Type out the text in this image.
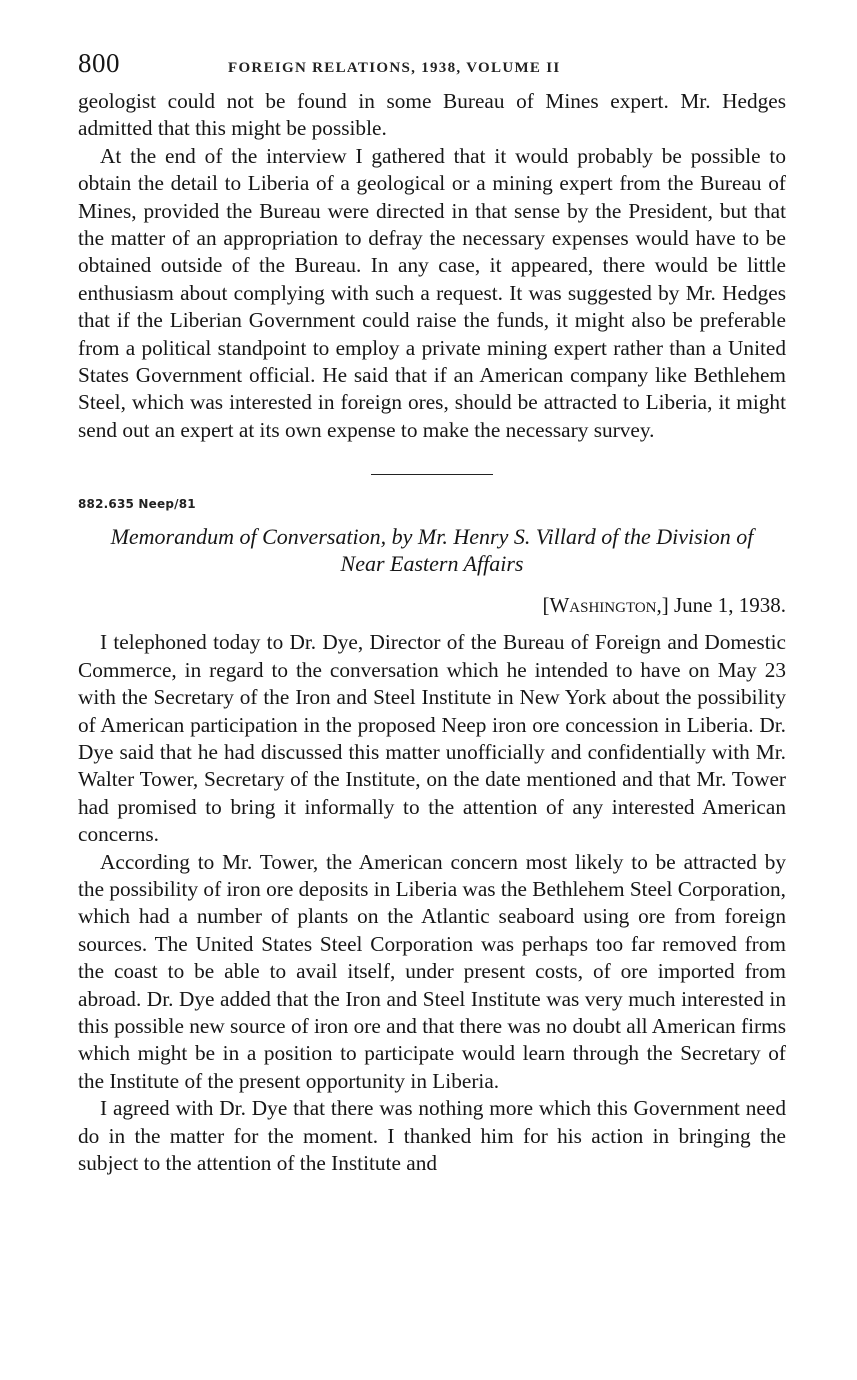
800	FOREIGN RELATIONS, 1938, VOLUME II

geologist could not be found in some Bureau of Mines expert. Mr. Hedges admitted that this might be possible.

At the end of the interview I gathered that it would probably be possible to obtain the detail to Liberia of a geological or a mining expert from the Bureau of Mines, provided the Bureau were directed in that sense by the President, but that the matter of an appropriation to defray the necessary expenses would have to be obtained outside of the Bureau. In any case, it appeared, there would be little enthusiasm about complying with such a request. It was suggested by Mr. Hedges that if the Liberian Government could raise the funds, it might also be preferable from a political standpoint to employ a private mining expert rather than a United States Government official. He said that if an American company like Bethlehem Steel, which was interested in foreign ores, should be attracted to Liberia, it might send out an expert at its own expense to make the necessary survey.

882.635 Neep/81
Memorandum of Conversation, by Mr. Henry S. Villard of the Division of Near Eastern Affairs
[Washington,] June 1, 1938.

I telephoned today to Dr. Dye, Director of the Bureau of Foreign and Domestic Commerce, in regard to the conversation which he intended to have on May 23 with the Secretary of the Iron and Steel Institute in New York about the possibility of American participation in the proposed Neep iron ore concession in Liberia. Dr. Dye said that he had discussed this matter unofficially and confidentially with Mr. Walter Tower, Secretary of the Institute, on the date mentioned and that Mr. Tower had promised to bring it informally to the attention of any interested American concerns.

According to Mr. Tower, the American concern most likely to be attracted by the possibility of iron ore deposits in Liberia was the Bethlehem Steel Corporation, which had a number of plants on the Atlantic seaboard using ore from foreign sources. The United States Steel Corporation was perhaps too far removed from the coast to be able to avail itself, under present costs, of ore imported from abroad. Dr. Dye added that the Iron and Steel Institute was very much interested in this possible new source of iron ore and that there was no doubt all American firms which might be in a position to participate would learn through the Secretary of the Institute of the present opportunity in Liberia.

I agreed with Dr. Dye that there was nothing more which this Government need do in the matter for the moment. I thanked him for his action in bringing the subject to the attention of the Institute and
